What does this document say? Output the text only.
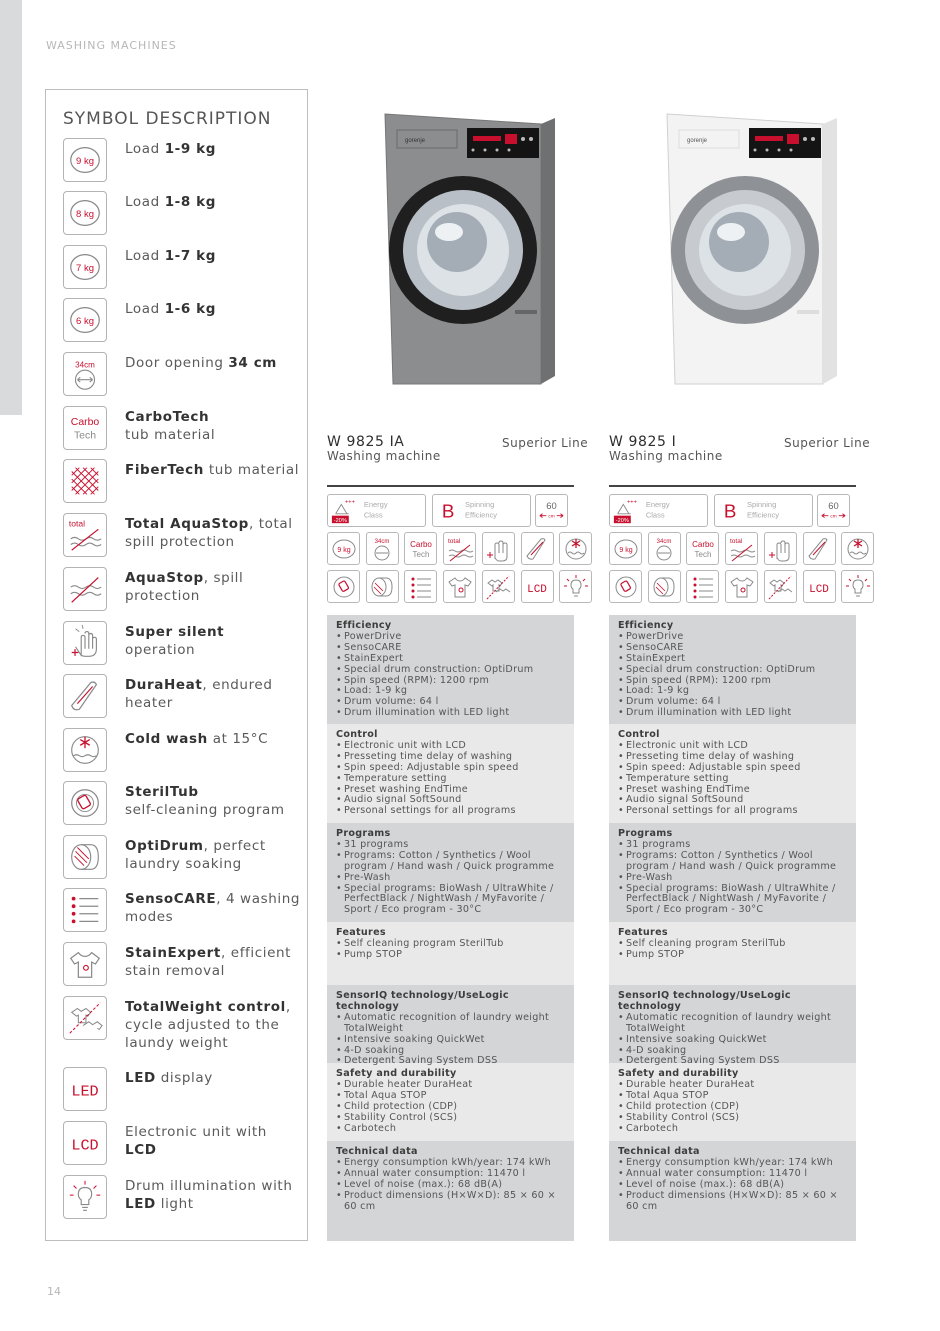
WASHING MACHINES
14
SYMBOL DESCRIPTION
9 kg
Load 1-9 kg
8 kg
Load 1-8 kg
7 kg
Load 1-7 kg
6 kg
Load 1-6 kg
34cm Door opening 34 cm
Carbo
Tech
CarboTech
tub material
FiberTech tub material
total	Total AquaStop, total spill protection
AquaStop, spill protection
Super silent
operation
DuraHeat, endured heater
Cold wash at 15°C
SterilTub
self-cleaning program
OptiDrum, perfect laundry soaking
SensoCARE, 4 washing modes
StainExpert, efficient stain removal
TotalWeight control, cycle adjusted to the laundy weight
LED
LED display
LCD
Electronic unit with LCD
Drum illumination with LED light
gorenje
W 9825 IA	Superior Line
Washing machine
+++
-20%
Energy
Class	B Spinning
Efficiency
60
cm
9 kg
34cm	Carbo
Tech
total
LCD
Efficiency
• PowerDrive
• SensoCARE
• StainExpert
• Special drum construction: OptiDrum
• Spin speed (RPM): 1200 rpm
• Load: 1-9 kg
• Drum volume: 64 l
• Drum illumination with LED light
Control
• Electronic unit with LCD
• Presseting time delay of washing
• Spin speed: Adjustable spin speed
• Temperature setting
• Preset washing EndTime
• Audio signal SoftSound
• Personal settings for all programs
Programs
• 31 programs
• Programs: Cotton / Synthetics / Wool program / Hand wash / Quick programme
• Pre-Wash
• Special programs: BioWash / UltraWhite / PerfectBlack / NightWash / MyFavorite / Sport / Eco program - 30°C
Features
• Self cleaning program SterilTub
• Pump STOP
SensorIQ technology/UseLogic technology
• Automatic recognition of laundry weight TotalWeight
• Intensive soaking QuickWet
• 4-D soaking
• Detergent Saving System DSS
Safety and durability
• Durable heater DuraHeat
• Total Aqua STOP
• Child protection (CDP)
• Stability Control (SCS)
• Carbotech
Technical data
• Energy consumption kWh/year: 174 kWh
• Annual water consumption: 11470 l
• Level of noise (max.): 68 dB(A)
• Product dimensions (H×W×D): 85 × 60 × 60 cm
gorenje
W 9825 I	Superior Line
Washing machine
+++
-20%
Energy
Class	B Spinning
Efficiency
60
cm
9 kg
34cm	Carbo
Tech
total
LCD
Efficiency
• PowerDrive
• SensoCARE
• StainExpert
• Special drum construction: OptiDrum
• Spin speed (RPM): 1200 rpm
• Load: 1-9 kg
• Drum volume: 64 l
• Drum illumination with LED light
Control
• Electronic unit with LCD
• Presseting time delay of washing
• Spin speed: Adjustable spin speed
• Temperature setting
• Preset washing EndTime
• Audio signal SoftSound
• Personal settings for all programs
Programs
• 31 programs
• Programs: Cotton / Synthetics / Wool program / Hand wash / Quick programme
• Pre-Wash
• Special programs: BioWash / UltraWhite / PerfectBlack / NightWash / MyFavorite / Sport / Eco program - 30°C
Features
• Self cleaning program SterilTub
• Pump STOP
SensorIQ technology/UseLogic technology
• Automatic recognition of laundry weight TotalWeight
• Intensive soaking QuickWet
• 4-D soaking
• Detergent Saving System DSS
Safety and durability
• Durable heater DuraHeat
• Total Aqua STOP
• Child protection (CDP)
• Stability Control (SCS)
• Carbotech
Technical data
• Energy consumption kWh/year: 174 kWh
• Annual water consumption: 11470 l
• Level of noise (max.): 68 dB(A)
• Product dimensions (H×W×D): 85 × 60 × 60 cm
